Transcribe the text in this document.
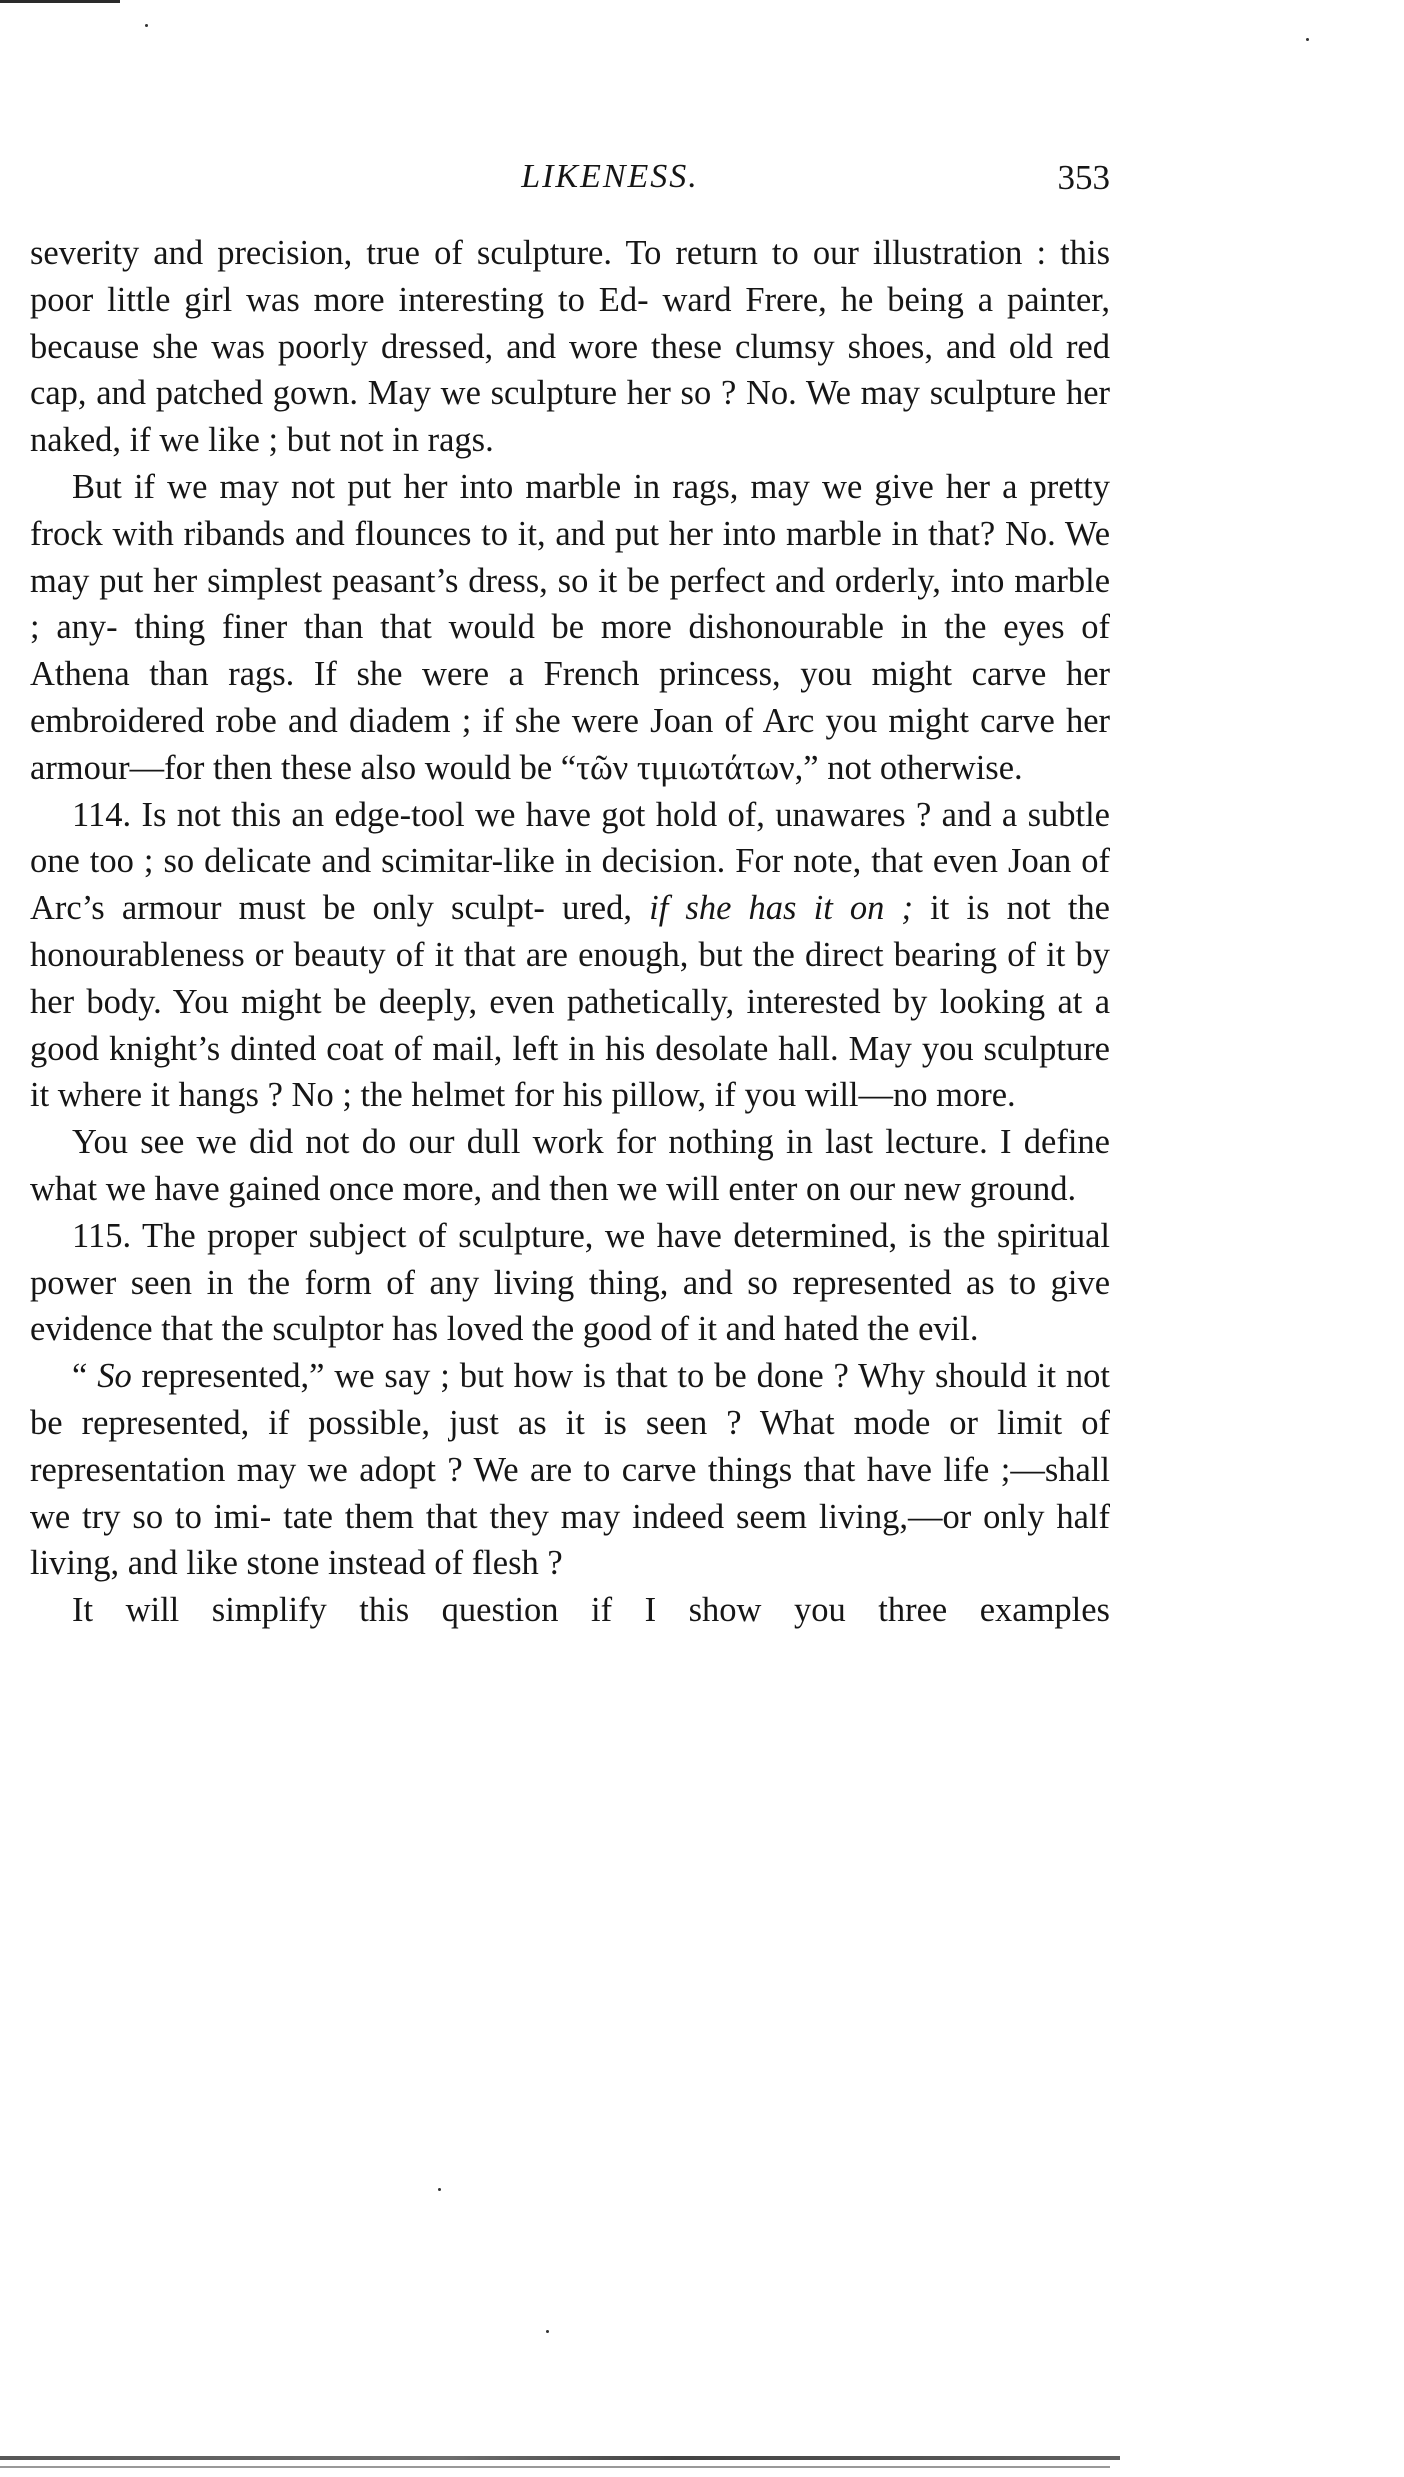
LIKENESS.	353

severity and precision, true of sculpture. To return to our illustration : this poor little girl was more interesting to Ed- ward Frere, he being a painter, because she was poorly dressed, and wore these clumsy shoes, and old red cap, and patched gown. May we sculpture her so ? No. We may sculpture her naked, if we like ; but not in rags.

But if we may not put her into marble in rags, may we give her a pretty frock with ribands and flounces to it, and put her into marble in that? No. We may put her simplest peasant’s dress, so it be perfect and orderly, into marble ; any- thing finer than that would be more dishonourable in the eyes of Athena than rags. If she were a French princess, you might carve her embroidered robe and diadem ; if she were Joan of Arc you might carve her armour—for then these also would be “τῶν τιμιωτάτων,” not otherwise.

114. Is not this an edge-tool we have got hold of, unawares ? and a subtle one too ; so delicate and scimitar-like in decision. For note, that even Joan of Arc’s armour must be only sculpt- ured, if she has it on ; it is not the honourableness or beauty of it that are enough, but the direct bearing of it by her body. You might be deeply, even pathetically, interested by looking at a good knight’s dinted coat of mail, left in his desolate hall. May you sculpture it where it hangs ? No ; the helmet for his pillow, if you will—no more.

You see we did not do our dull work for nothing in last lecture. I define what we have gained once more, and then we will enter on our new ground.

115. The proper subject of sculpture, we have determined, is the spiritual power seen in the form of any living thing, and so represented as to give evidence that the sculptor has loved the good of it and hated the evil.

“ So represented,” we say ; but how is that to be done ? Why should it not be represented, if possible, just as it is seen ? What mode or limit of representation may we adopt ? We are to carve things that have life ;—shall we try so to imi- tate them that they may indeed seem living,—or only half living, and like stone instead of flesh ?

It will simplify this question if I show you three examples
